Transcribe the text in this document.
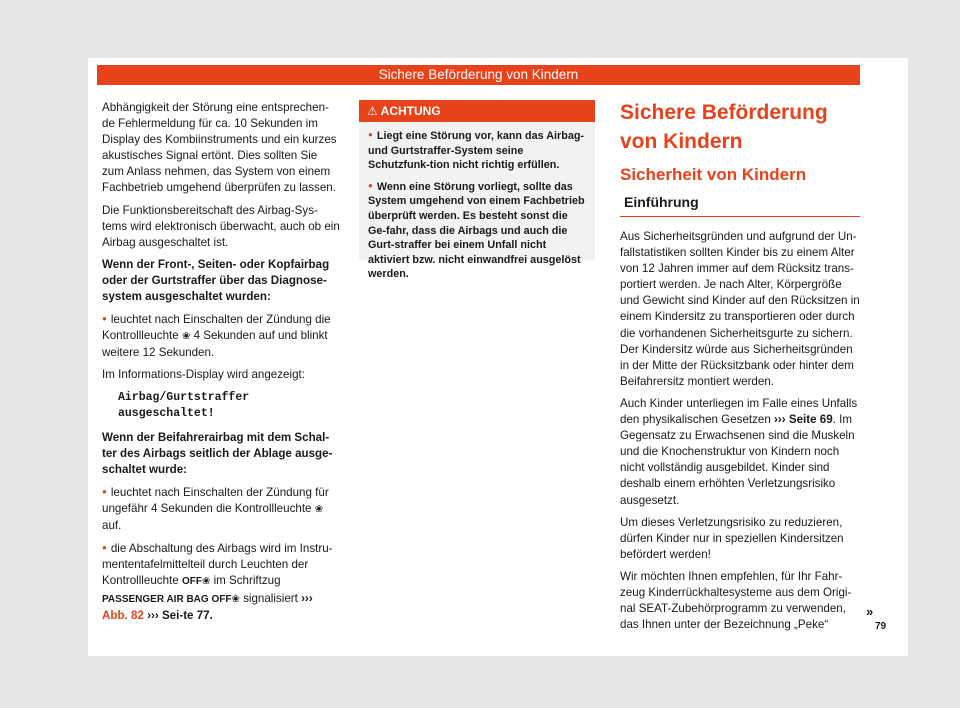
Sichere Beförderung von Kindern

Abhängigkeit der Störung eine entsprechen-de Fehlermeldung für ca. 10 Sekunden im Display des Kombiinstruments und ein kurzes akustisches Signal ertönt. Dies sollten Sie zum Anlass nehmen, das System von einem Fachbetrieb umgehend überprüfen zu lassen.

Die Funktionsbereitschaft des Airbag-Sys-tems wird elektronisch überwacht, auch ob ein Airbag ausgeschaltet ist.

Wenn der Front-, Seiten- oder Kopfairbag oder der Gurtstraffer über das Diagnose-system ausgeschaltet wurden:

● leuchtet nach Einschalten der Zündung die Kontrollleuchte ❀ 4 Sekunden auf und blinkt weitere 12 Sekunden.

Im Informations-Display wird angezeigt:

Airbag/Gurtstraffer ausgeschaltet!

Wenn der Beifahrerairbag mit dem Schal-ter des Airbags seitlich der Ablage ausge-schaltet wurde:

● leuchtet nach Einschalten der Zündung für ungefähr 4 Sekunden die Kontrollleuchte ❀ auf.

● die Abschaltung des Airbags wird im Instru-mententafelmittelteil durch Leuchten der Kontrollleuchte OFF❀ im Schriftzug PASSENGER AIR BAG OFF❀ signalisiert ››› Abb. 82 ››› Sei-te 77.

⚠ ACHTUNG

● Liegt eine Störung vor, kann das Airbag- und Gurtstraffer-System seine Schutzfunk-tion nicht richtig erfüllen.

● Wenn eine Störung vorliegt, sollte das System umgehend von einem Fachbetrieb überprüft werden. Es besteht sonst die Ge-fahr, dass die Airbags und auch die Gurt-straffer bei einem Unfall nicht aktiviert bzw. nicht einwandfrei ausgelöst werden.

Sichere Beförderung von Kindern
Sicherheit von Kindern
Einführung

Aus Sicherheitsgründen und aufgrund der Un-fallstatistiken sollten Kinder bis zu einem Alter von 12 Jahren immer auf dem Rücksitz trans-portiert werden. Je nach Alter, Körpergröße und Gewicht sind Kinder auf den Rücksitzen in einem Kindersitz zu transportieren oder durch die vorhandenen Sicherheitsgurte zu sichern. Der Kindersitz würde aus Sicherheitsgründen in der Mitte der Rücksitzbank oder hinter dem Beifahrersitz montiert werden.

Auch Kinder unterliegen im Falle eines Unfalls den physikalischen Gesetzen ››› Seite 69. Im Gegensatz zu Erwachsenen sind die Muskeln und die Knochenstruktur von Kindern noch nicht vollständig ausgebildet. Kinder sind deshalb einem erhöhten Verletzungsrisiko ausgesetzt.

Um dieses Verletzungsrisiko zu reduzieren, dürfen Kinder nur in speziellen Kindersitzen befördert werden!

Wir möchten Ihnen empfehlen, für Ihr Fahr-zeug Kinderrückhaltesysteme aus dem Origi-nal SEAT-Zubehörprogramm zu verwenden, das Ihnen unter der Bezeichnung „Peke“

»
79
